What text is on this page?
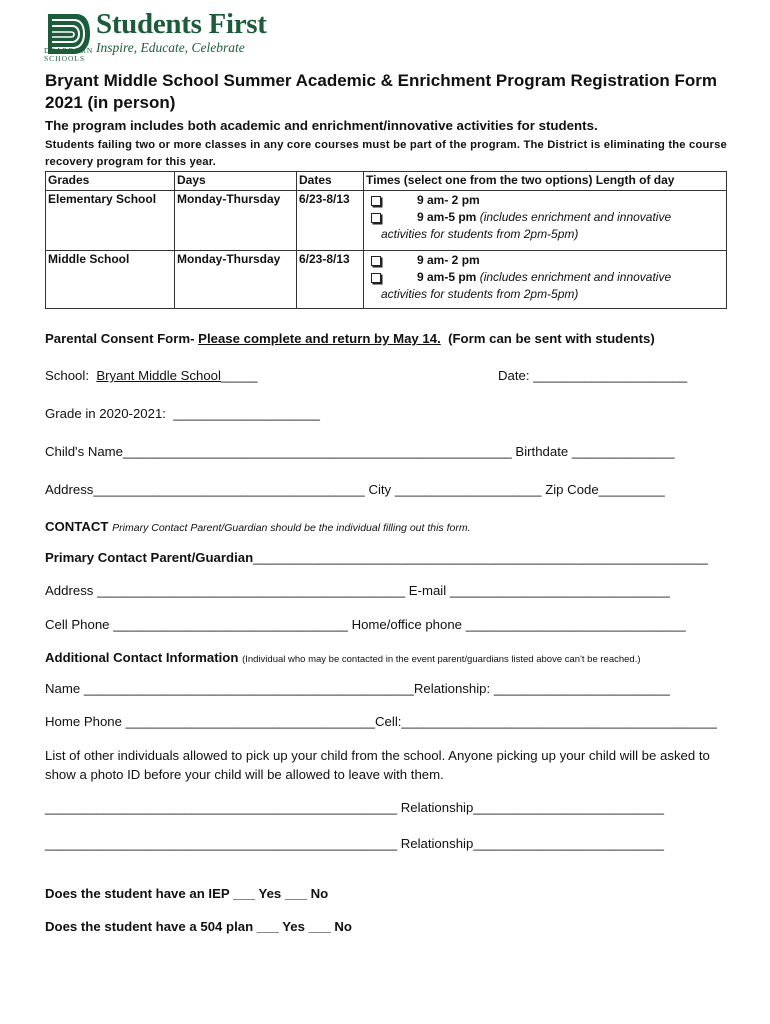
DEARBORN
SCHOOLS
Students First
Inspire, Educate, Celebrate
Bryant Middle School Summer Academic & Enrichment Program Registration Form 2021 (in person)
The program includes both academic and enrichment/innovative activities for students.
Students failing two or more classes in any core courses must be part of the program. The District is eliminating the course recovery program for this year.
Grades	Days	Dates	Times (select one from the two options) Length of day
Elementary School	Monday-Thursday	6/23-8/13	9 am- 2 pm
9 am-5 pm (includes enrichment and innovative
activities for students from 2pm-5pm)

Middle School	Monday-Thursday	6/23-8/13	9 am- 2 pm
9 am-5 pm (includes enrichment and innovative
activities for students from 2pm-5pm)
Parental Consent Form- Please complete and return by May 14. (Form can be sent with students)
School: Bryant Middle School_____	Date: _____________________
Grade in 2020-2021: ____________________
Child's Name_____________________________________________________ Birthdate ______________
Address_____________________________________ City ____________________ Zip Code_________
CONTACT Primary Contact Parent/Guardian should be the individual filling out this form.
Primary Contact Parent/Guardian______________________________________________________________
Address __________________________________________ E-mail ______________________________
Cell Phone ________________________________ Home/office phone ______________________________
Additional Contact Information (Individual who may be contacted in the event parent/guardians listed above can't be reached.)
Name _____________________________________________Relationship: ________________________
Home Phone __________________________________Cell:___________________________________________
List of other individuals allowed to pick up your child from the school. Anyone picking up your child will be asked to show a photo ID before your child will be allowed to leave with them.
________________________________________________ Relationship__________________________
________________________________________________ Relationship__________________________
Does the student have an IEP ___ Yes ___ No
Does the student have a 504 plan ___ Yes ___ No
